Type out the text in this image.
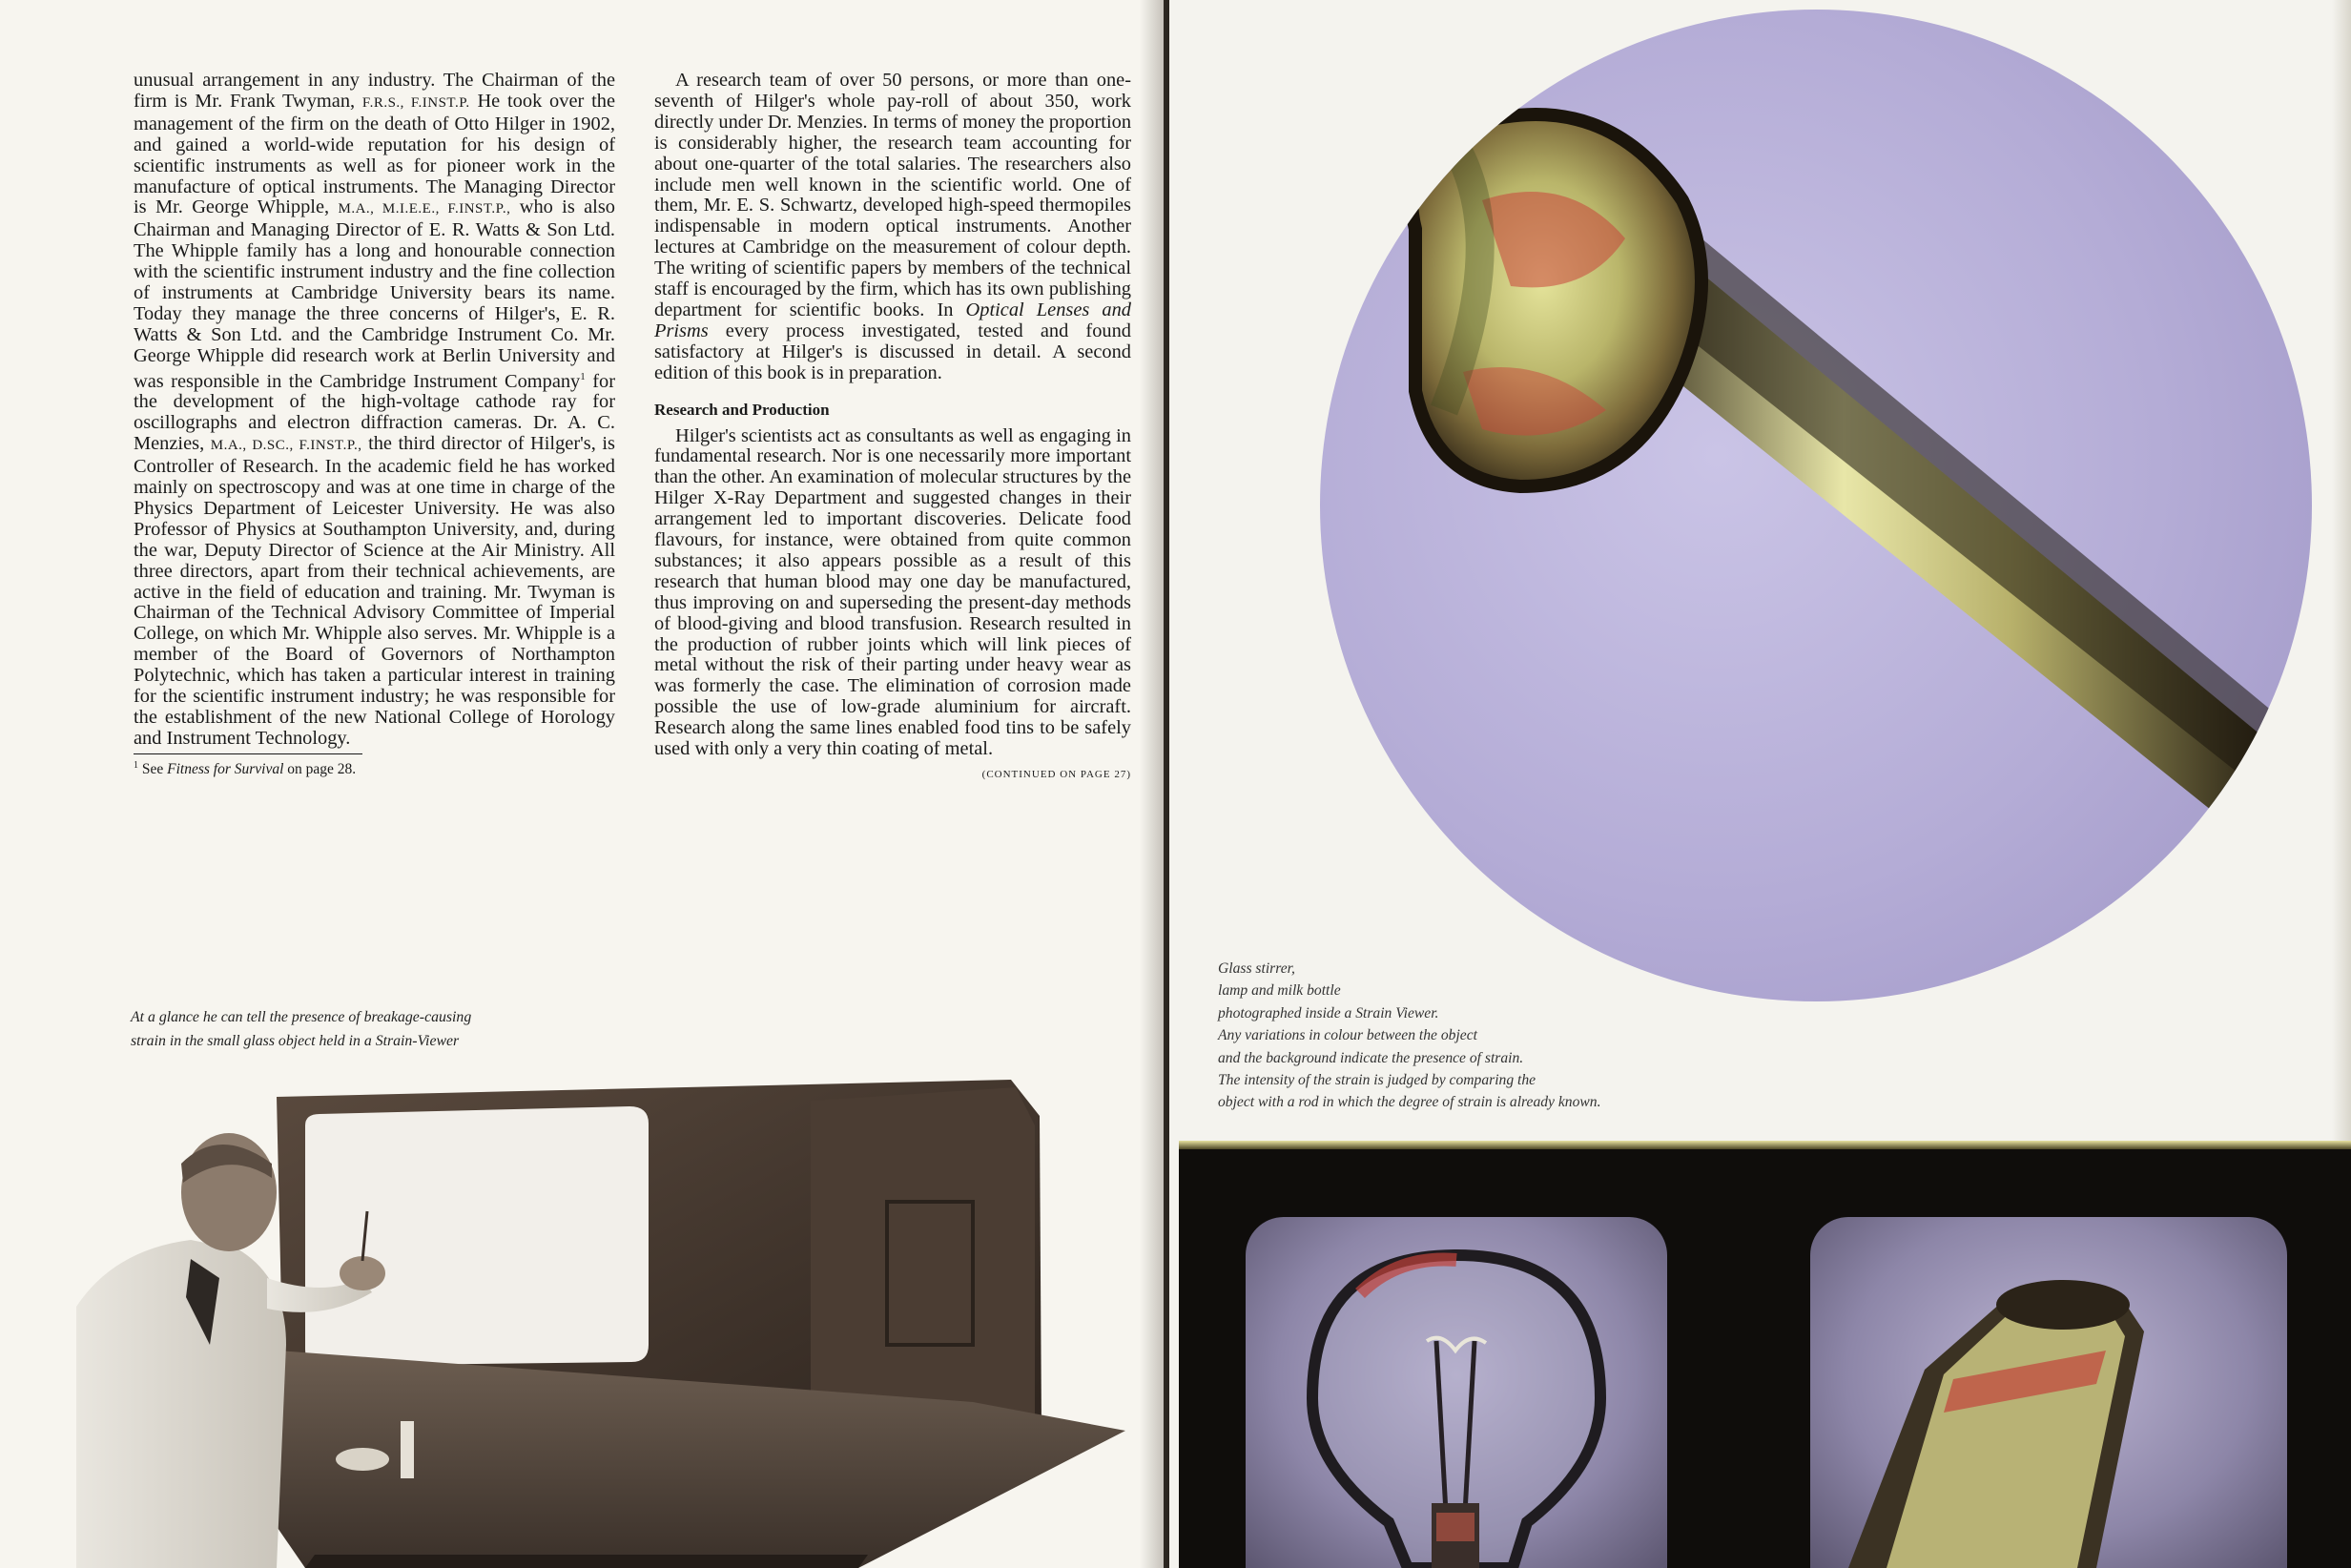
unusual arrangement in any industry. The Chairman of the firm is Mr. Frank Twyman, F.R.S., F.INST.P. He took over the management of the firm on the death of Otto Hilger in 1902, and gained a world-wide reputation for his design of scientific instruments as well as for pioneer work in the manufacture of optical instruments. The Managing Director is Mr. George Whipple, M.A., M.I.E.E., F.INST.P., who is also Chairman and Managing Director of E. R. Watts & Son Ltd. The Whipple family has a long and honourable connection with the scientific instrument industry and the fine collection of instruments at Cambridge University bears its name. Today they manage the three concerns of Hilger's, E. R. Watts & Son Ltd. and the Cambridge Instrument Co. Mr. George Whipple did research work at Berlin University and was responsible in the Cambridge Instrument Company$^1$ for the development of the high-voltage cathode ray for oscillographs and electron diffraction cameras. Dr. A. C. Menzies, M.A., D.SC., F.INST.P., the third director of Hilger's, is Controller of Research. In the academic field he has worked mainly on spectroscopy and was at one time in charge of the Physics Department of Leicester University. He was also Professor of Physics at Southampton University, and, during the war, Deputy Director of Science at the Air Ministry. All three directors, apart from their technical achievements, are active in the field of education and training. Mr. Twyman is Chairman of the Technical Advisory Committee of Imperial College, on which Mr. Whipple also serves. Mr. Whipple is a member of the Board of Governors of Northampton Polytechnic, which has taken a particular interest in training for the scientific instrument industry; he was responsible for the establishment of the new National College of Horology and Instrument Technology.

$^1$ See Fitness for Survival on page 28.

A research team of over 50 persons, or more than one-seventh of Hilger's whole pay-roll of about 350, work directly under Dr. Menzies. In terms of money the proportion is considerably higher, the research team accounting for about one-quarter of the total salaries. The researchers also include men well known in the scientific world. One of them, Mr. E. S. Schwartz, developed high-speed thermopiles indispensable in modern optical instruments. Another lectures at Cambridge on the measurement of colour depth. The writing of scientific papers by members of the technical staff is encouraged by the firm, which has its own publishing department for scientific books. In Optical Lenses and Prisms every process investigated, tested and found satisfactory at Hilger's is discussed in detail. A second edition of this book is in preparation.

Research and Production

Hilger's scientists act as consultants as well as engaging in fundamental research. Nor is one necessarily more important than the other. An examination of molecular structures by the Hilger X-Ray Department and suggested changes in their arrangement led to important discoveries. Delicate food flavours, for instance, were obtained from quite common substances; it also appears possible as a result of this research that human blood may one day be manufactured, thus improving on and superseding the present-day methods of blood-giving and blood transfusion. Research resulted in the production of rubber joints which will link pieces of metal without the risk of their parting under heavy wear as was formerly the case. The elimination of corrosion made possible the use of low-grade aluminium for aircraft. Research along the same lines enabled food tins to be safely used with only a very thin coating of metal.
(CONTINUED ON PAGE 27)

At a glance he can tell the presence of breakage-causing
strain in the small glass object held in a Strain-Viewer
Glass stirrer,
lamp and milk bottle
photographed inside a Strain Viewer.
Any variations in colour between the object
and the background indicate the presence of strain.
The intensity of the strain is judged by comparing the
object with a rod in which the degree of strain is already known.
